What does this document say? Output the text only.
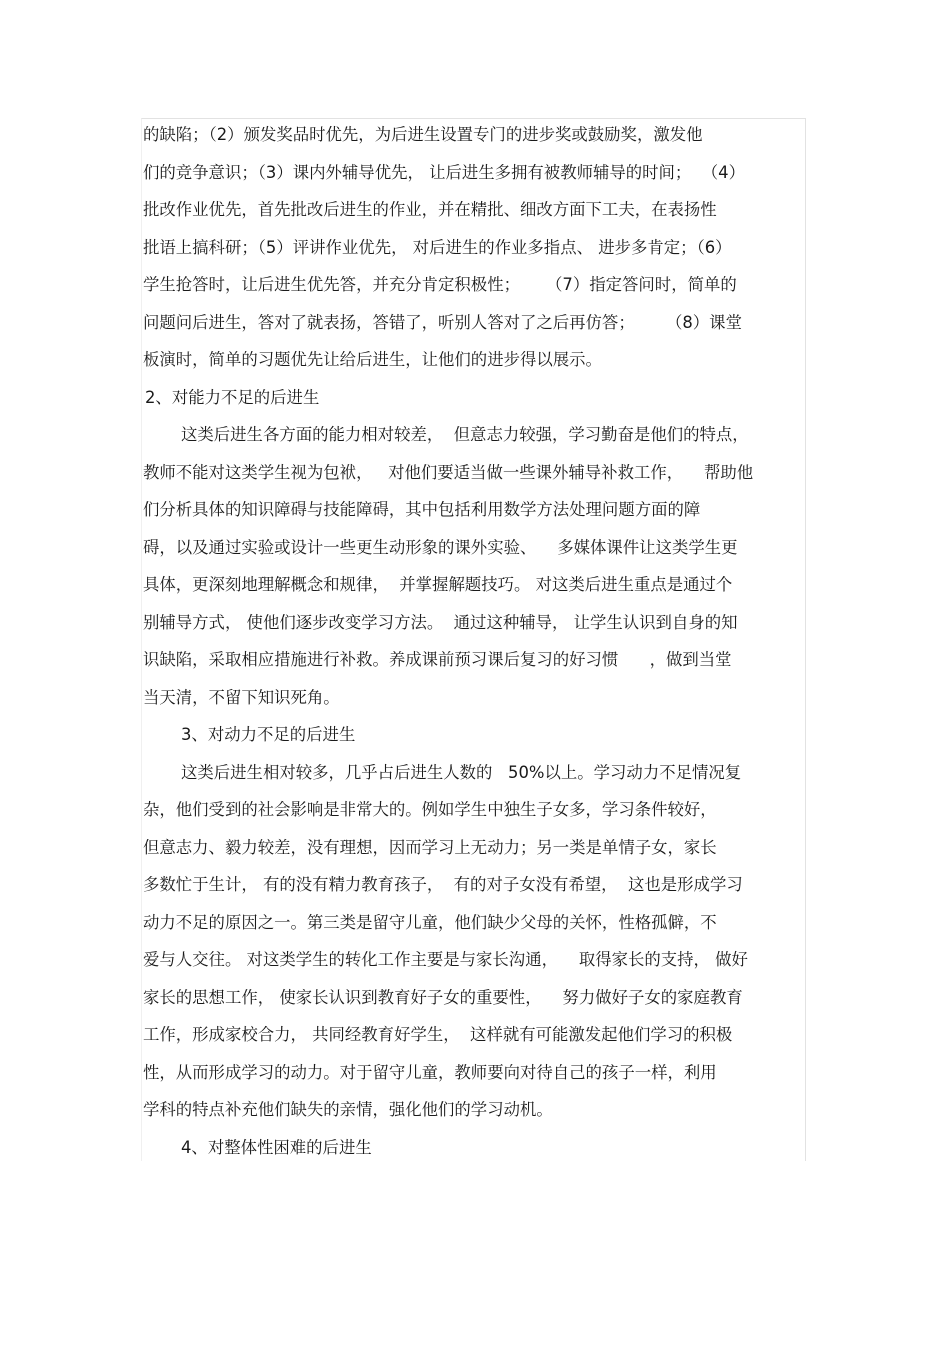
的缺陷；（2）颁发奖品时优先，为后进生设置专门的进步奖或鼓励奖，激发他
们的竞争意识；（3）课内外辅导优先， 让后进生多拥有被教师辅导的时间；  （4）
批改作业优先，首先批改后进生的作业，并在精批、细改方面下工夫，在表扬性
批语上搞科研；（5）评讲作业优先， 对后进生的作业多指点、 进步多肯定；（6）
学生抢答时，让后进生优先答，并充分肯定积极性；     （7）指定答问时，简单的
问题问后进生，答对了就表扬，答错了，听别人答对了之后再仿答；      （8）课堂
板演时，简单的习题优先让给后进生，让他们的进步得以展示。
2、对能力不足的后进生
这类后进生各方面的能力相对较差，  但意志力较强，学习勤奋是他们的特点，
教师不能对这类学生视为包袱，   对他们要适当做一些课外辅导补救工作，    帮助他
们分析具体的知识障碍与技能障碍，其中包括利用数学方法处理问题方面的障
碍，以及通过实验或设计一些更生动形象的课外实验、    多媒体课件让这类学生更
具体，更深刻地理解概念和规律，  并掌握解题技巧。 对这类后进生重点是通过个
别辅导方式， 使他们逐步改变学习方法。  通过这种辅导， 让学生认识到自身的知
识缺陷，采取相应措施进行补救。养成课前预习课后复习的好习惯      ，做到当堂
当天清，不留下知识死角。
3、对动力不足的后进生
这类后进生相对较多，几乎占后进生人数的   50%以上。学习动力不足情况复
杂，他们受到的社会影响是非常大的。例如学生中独生子女多，学习条件较好，
但意志力、毅力较差，没有理想，因而学习上无动力；另一类是单情子女，家长
多数忙于生计， 有的没有精力教育孩子，  有的对子女没有希望，  这也是形成学习
动力不足的原因之一。第三类是留守儿童，他们缺少父母的关怀，性格孤僻，不
爱与人交往。 对这类学生的转化工作主要是与家长沟通，    取得家长的支持， 做好
家长的思想工作， 使家长认识到教育好子女的重要性，    努力做好子女的家庭教育
工作，形成家校合力， 共同经教育好学生，  这样就有可能激发起他们学习的积极
性，从而形成学习的动力。对于留守儿童，教师要向对待自己的孩子一样，利用
学科的特点补充他们缺失的亲情，强化他们的学习动机。
4、对整体性困难的后进生
